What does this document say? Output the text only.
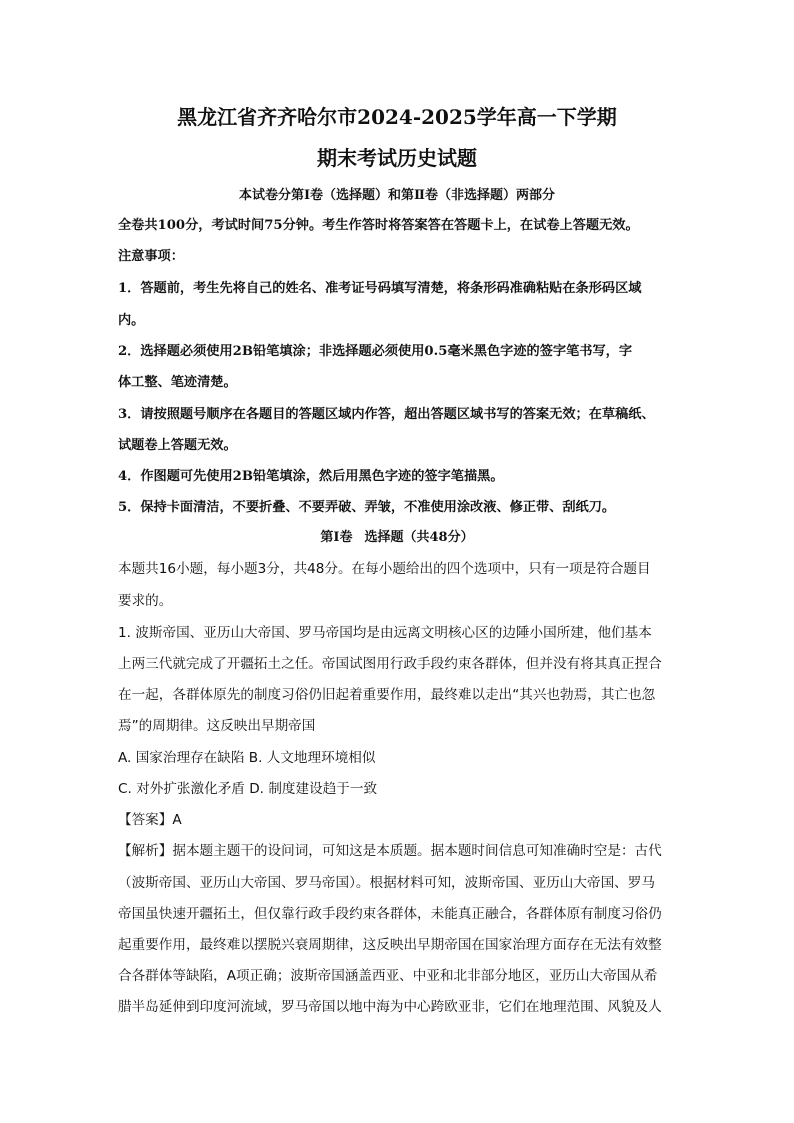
黑龙江省齐齐哈尔市2024-2025学年高一下学期
期末考试历史试题
本试卷分第Ⅰ卷（选择题）和第Ⅱ卷（非选择题）两部分
全卷共100分，考试时间75分钟。考生作答时将答案答在答题卡上，在试卷上答题无效。
注意事项：
1．答题前，考生先将自己的姓名、准考证号码填写清楚，将条形码准确粘贴在条形码区域
内。
2．选择题必须使用2B铅笔填涂；非选择题必须使用0.5毫米黑色字迹的签字笔书写，字
体工整、笔迹清楚。
3．请按照题号顺序在各题目的答题区域内作答，超出答题区域书写的答案无效；在草稿纸、
试题卷上答题无效。
4．作图题可先使用2B铅笔填涂，然后用黑色字迹的签字笔描黑。
5．保持卡面清洁，不要折叠、不要弄破、弄皱，不准使用涂改液、修正带、刮纸刀。
第Ⅰ卷 选择题（共48分）
本题共16小题，每小题3分，共48分。在每小题给出的四个选项中，只有一项是符合题目
要求的。
1. 波斯帝国、亚历山大帝国、罗马帝国均是由远离文明核心区的边陲小国所建，他们基本
上两三代就完成了开疆拓土之任。帝国试图用行政手段约束各群体，但并没有将其真正捏合
在一起，各群体原先的制度习俗仍旧起着重要作用，最终难以走出“其兴也勃焉，其亡也忽
焉”的周期律。这反映出早期帝国
A. 国家治理存在缺陷 B. 人文地理环境相似
C. 对外扩张激化矛盾 D. 制度建设趋于一致
【答案】A
【解析】据本题主题干的设问词，可知这是本质题。据本题时间信息可知准确时空是：古代
（波斯帝国、亚历山大帝国、罗马帝国）。根据材料可知，波斯帝国、亚历山大帝国、罗马
帝国虽快速开疆拓土，但仅靠行政手段约束各群体，未能真正融合，各群体原有制度习俗仍
起重要作用，最终难以摆脱兴衰周期律，这反映出早期帝国在国家治理方面存在无法有效整
合各群体等缺陷，A项正确；波斯帝国涵盖西亚、中亚和北非部分地区，亚历山大帝国从希
腊半岛延伸到印度河流域，罗马帝国以地中海为中心跨欧亚非，它们在地理范围、风貌及人
